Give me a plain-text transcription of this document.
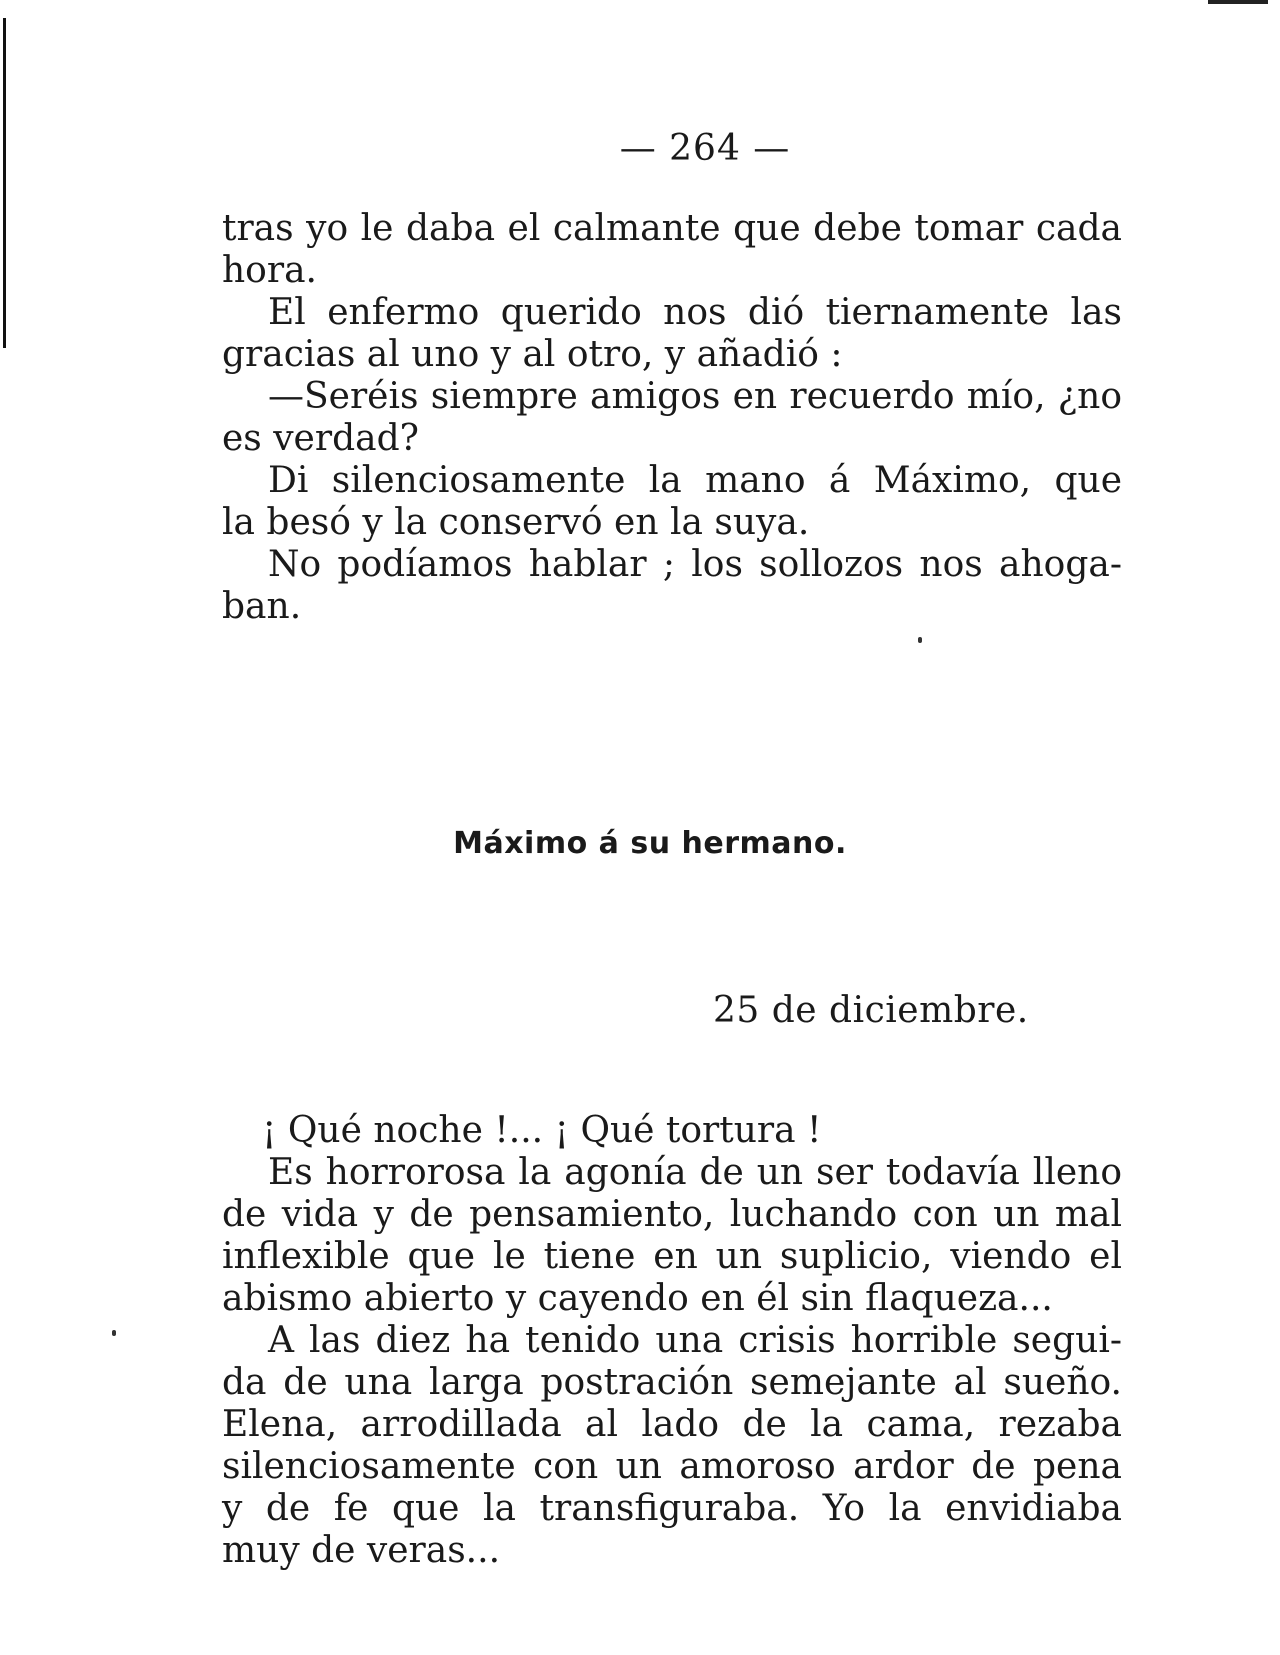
— 264 —
tras yo le daba el calmante que debe tomar cada
hora.
El enfermo querido nos dió tiernamente las
gracias al uno y al otro, y añadió :
—Seréis siempre amigos en recuerdo mío, ¿no
es verdad?
Di silenciosamente la mano á Máximo, que
la besó y la conservó en la suya.
No podíamos hablar ; los sollozos nos ahoga-
ban.
Máximo á su hermano.
25 de diciembre.
¡ Qué noche !... ¡ Qué tortura !
Es horrorosa la agonía de un ser todavía lleno
de vida y de pensamiento, luchando con un mal
inflexible que le tiene en un suplicio, viendo el
abismo abierto y cayendo en él sin flaqueza...
A las diez ha tenido una crisis horrible segui-
da de una larga postración semejante al sueño.
Elena, arrodillada al lado de la cama, rezaba
silenciosamente con un amoroso ardor de pena
y de fe que la transfiguraba. Yo la envidiaba
muy de veras...
